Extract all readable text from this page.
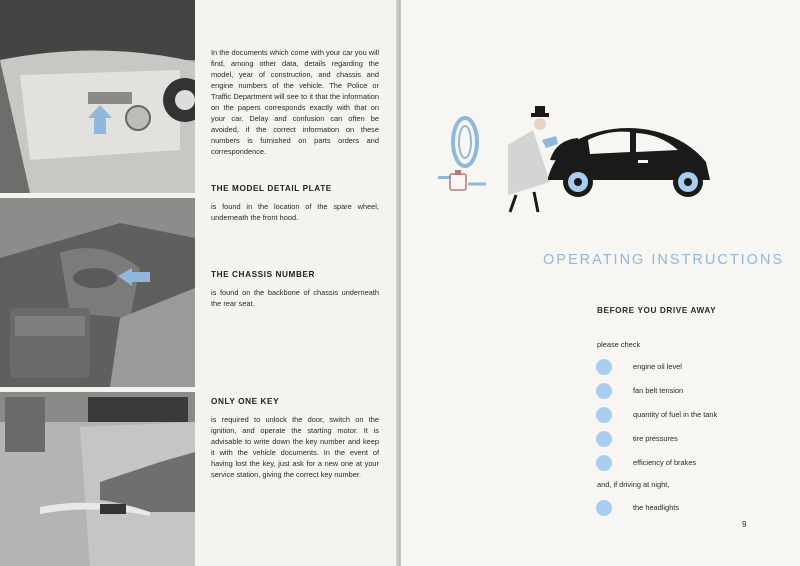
In the documents which come with your car you will find, among other data, details regarding the model, year of construction, and chassis and engine numbers of the vehicle. The Police or Traffic Department will see to it that the information on the papers corresponds exactly with that on your car. Delay and confusion can often be avoided, if the correct information on these numbers is furnished on parts orders and correspondence.

THE MODEL DETAIL PLATE

is found in the location of the spare wheel, underneath the front hood.

THE CHASSIS NUMBER

is found on the backbone of chassis underneath the rear seat.

ONLY ONE KEY

is required to unlock the door, switch on the ignition, and operate the starting motor. It is advisable to write down the key number and keep it with the vehicle documents. In the event of having lost the key, just ask for a new one at your service station, giving the correct key number.

OPERATING INSTRUCTIONS
BEFORE YOU DRIVE AWAY
please check
engine oil level
fan belt tension
quantity of fuel in the tank
tire pressures
efficiency of brakes
and, if driving at night,
the headlights
9
